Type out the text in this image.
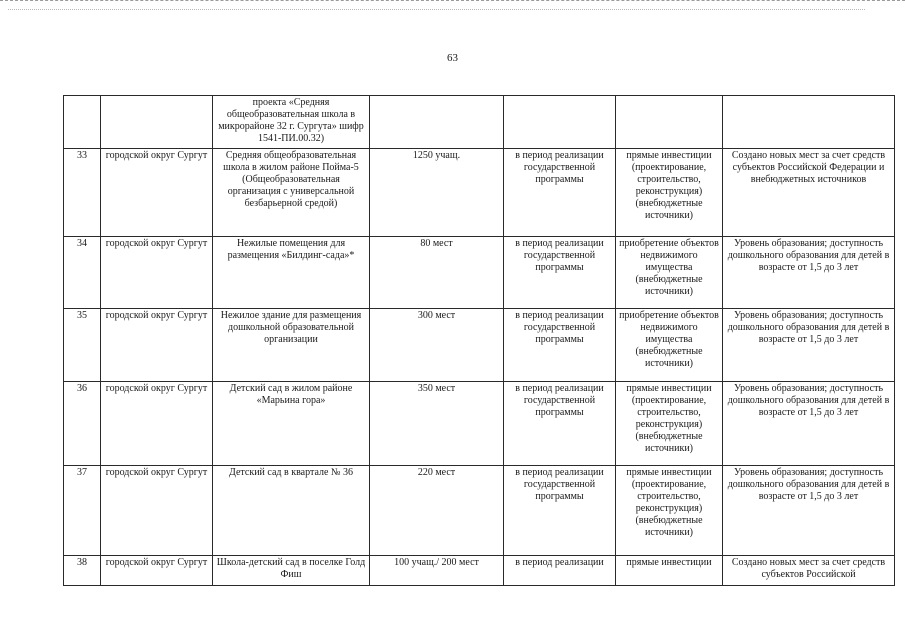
63
		проекта «Средняя общеобразовательная школа в микрорайоне 32 г. Сургута» шифр 1541-ПИ.00.32)				
33	городской округ Сургут	Средняя общеобразовательная школа в жилом районе Пойма-5 (Общеобразовательная организация с универсальной безбарьерной средой)	1250 учащ.	в период реализации государственной программы	прямые инвестиции (проектирование, строительство, реконструкция) (внебюджетные источники)	Создано новых мест за счет средств субъектов Российской Федерации и внебюджетных источников
34	городской округ Сургут	Нежилые помещения для размещения «Билдинг-сада»*	80 мест	в период реализации государственной программы	приобретение объектов недвижимого имущества (внебюджетные источники)	Уровень образования; доступность дошкольного образования для детей в возрасте от 1,5 до 3 лет
35	городской округ Сургут	Нежилое здание для размещения дошкольной образовательной организации	300 мест	в период реализации государственной программы	приобретение объектов недвижимого имущества (внебюджетные источники)	Уровень образования; доступность дошкольного образования для детей в возрасте от 1,5 до 3 лет
36	городской округ Сургут	Детский сад в жилом районе «Марьина гора»	350 мест	в период реализации государственной программы	прямые инвестиции (проектирование, строительство, реконструкция) (внебюджетные источники)	Уровень образования; доступность дошкольного образования для детей в возрасте от 1,5 до 3 лет
37	городской округ Сургут	Детский сад в квартале № 36	220 мест	в период реализации государственной программы	прямые инвестиции (проектирование, строительство, реконструкция) (внебюджетные источники)	Уровень образования; доступность дошкольного образования для детей в возрасте от 1,5 до 3 лет
38	городской округ Сургут	Школа-детский сад в поселке Голд Фиш	100 учащ./ 200 мест	в период реализации	прямые инвестиции	Создано новых мест за счет средств субъектов Российской
